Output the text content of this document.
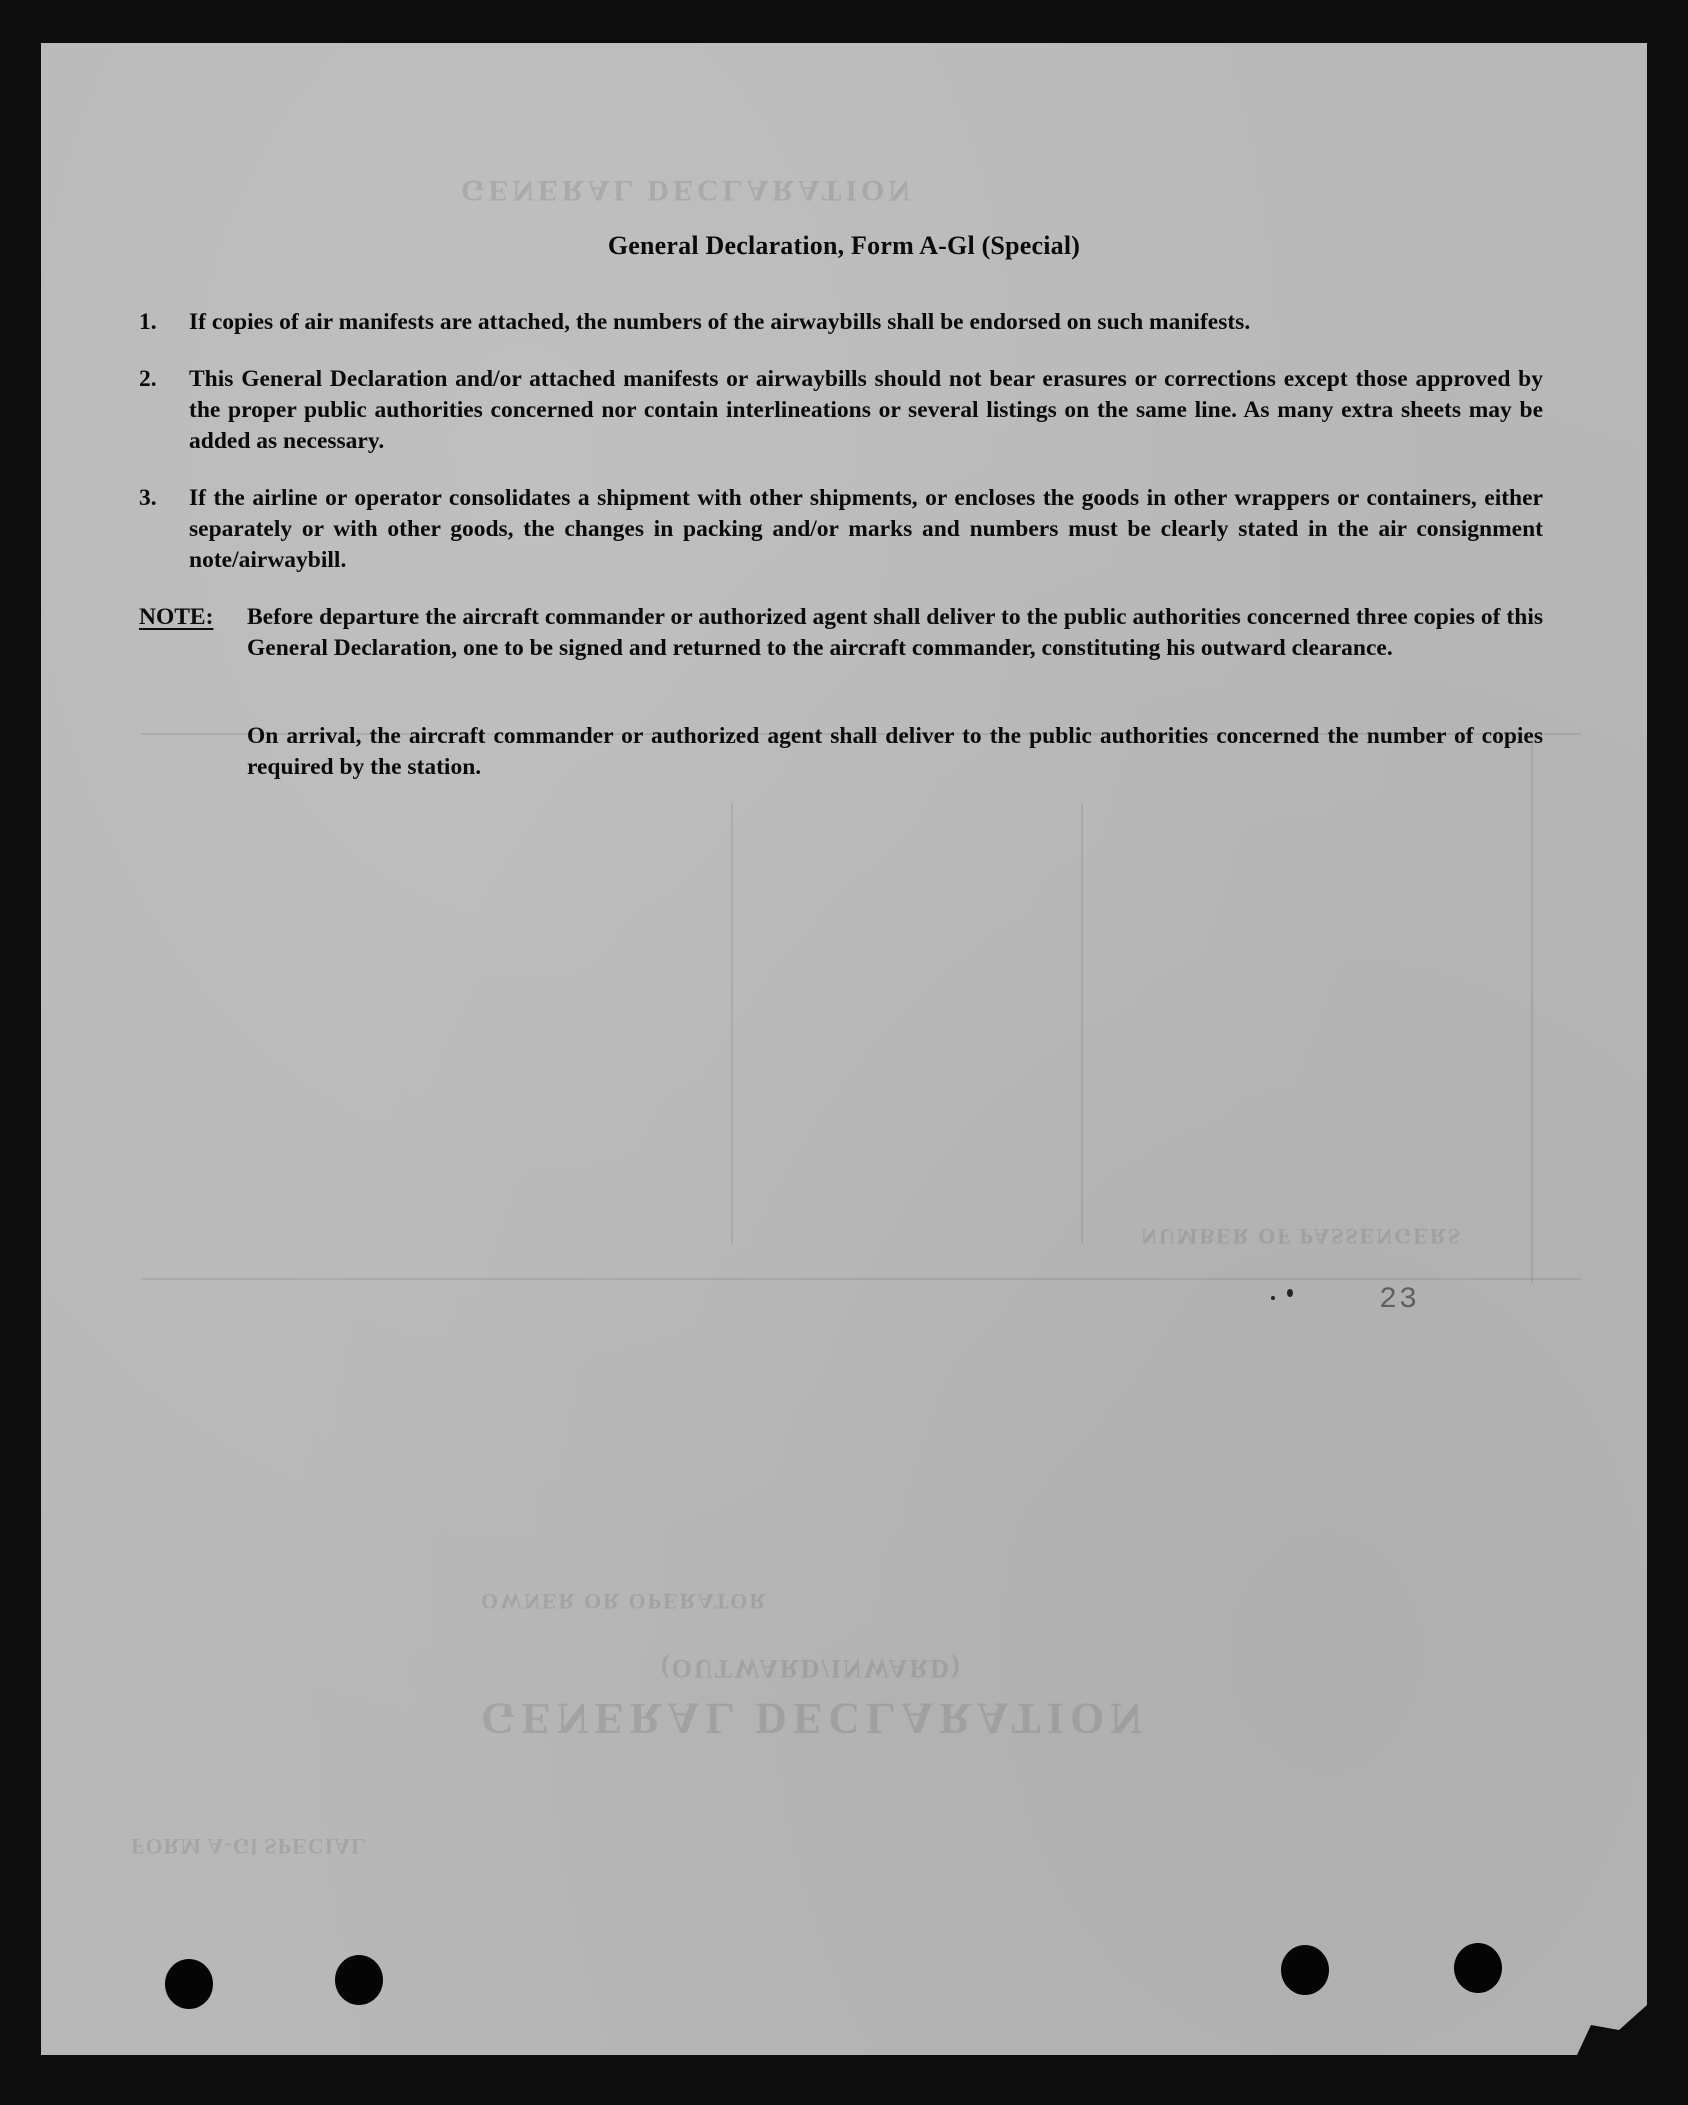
GENERAL DECLARATION
GENERAL DECLARATION
(OUTWARD/INWARD)
OWNER OR OPERATOR
NUMBER OF PASSENGERS
FORM A-Gl SPECIAL
General Declaration, Form A-Gl (Special)
1.	If copies of air manifests are attached, the numbers of the airwaybills shall be endorsed on such manifests.
2.	This General Declaration and/or attached manifests or airwaybills should not bear erasures or corrections except those approved by the proper public authorities concerned nor contain interlineations or several listings on the same line. As many extra sheets may be added as necessary.
3.	If the airline or operator consolidates a shipment with other shipments, or encloses the goods in other wrappers or containers, either separately or with other goods, the changes in packing and/or marks and numbers must be clearly stated in the air consignment note/airwaybill.
NOTE: Before departure the aircraft commander or authorized agent shall deliver to the public authorities concerned three copies of this General Declaration, one to be signed and returned to the aircraft commander, constituting his outward clearance.
On arrival, the aircraft commander or authorized agent shall deliver to the public authorities concerned the number of copies required by the station.
23
